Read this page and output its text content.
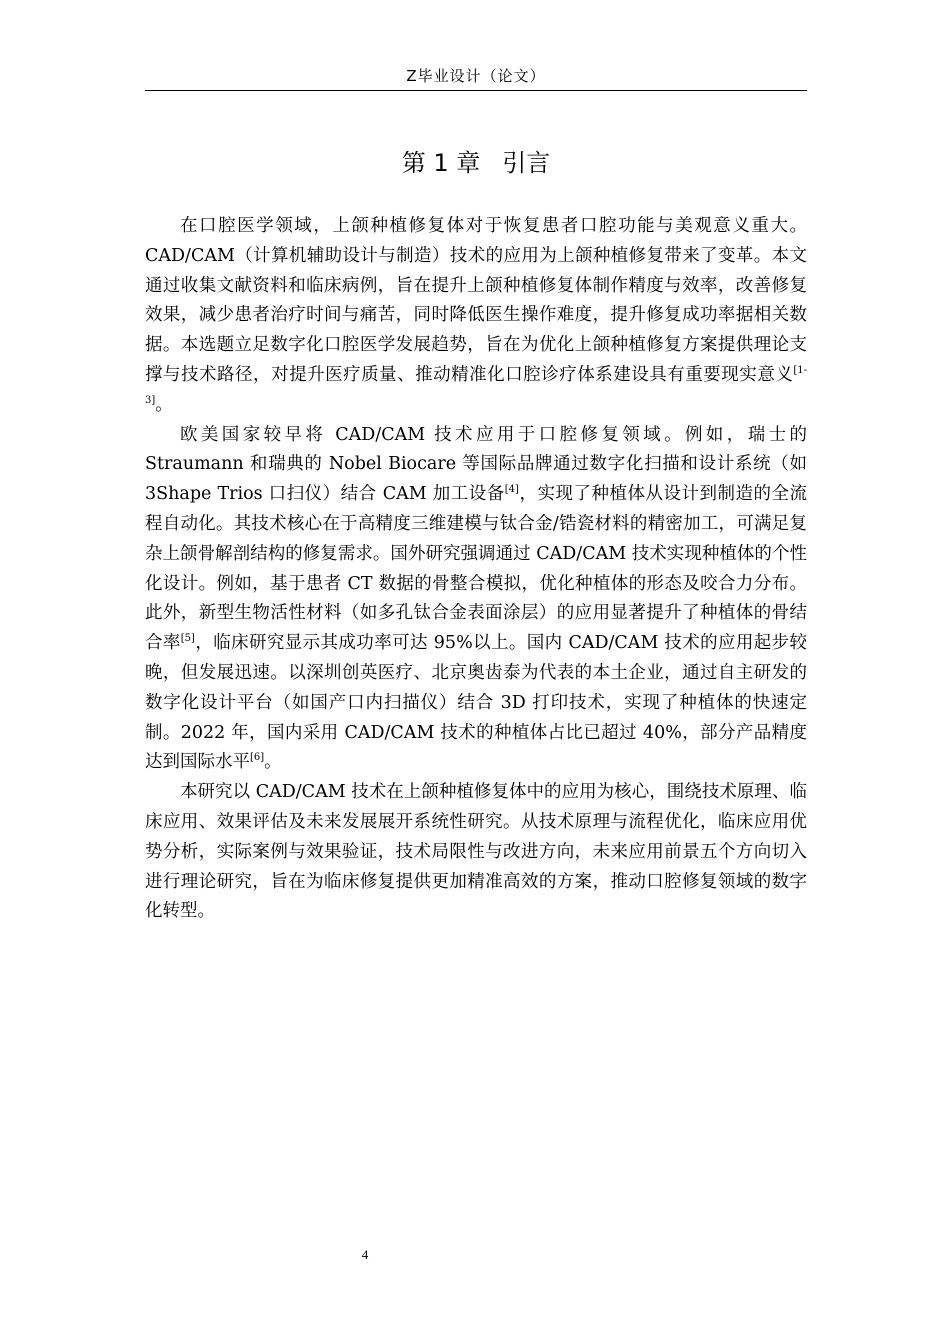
Z毕业设计（论文）
第 1 章 引言

在口腔医学领域，上颌种植修复体对于恢复患者口腔功能与美观意义重大。CAD/CAM（计算机辅助设计与制造）技术的应用为上颌种植修复带来了变革。本文通过收集文献资料和临床病例，旨在提升上颌种植修复体制作精度与效率，改善修复效果，减少患者治疗时间与痛苦，同时降低医生操作难度，提升修复成功率据相关数据。本选题立足数字化口腔医学发展趋势，旨在为优化上颌种植修复方案提供理论支撑与技术路径，对提升医疗质量、推动精准化口腔诊疗体系建设具有重要现实意义[1-3]。

欧美国家较早将 CAD/CAM 技术应用于口腔修复领域。例如，瑞士的 Straumann 和瑞典的 Nobel Biocare 等国际品牌通过数字化扫描和设计系统（如 3Shape Trios 口扫仪）结合 CAM 加工设备[4]，实现了种植体从设计到制造的全流程自动化。其技术核心在于高精度三维建模与钛合金/锆瓷材料的精密加工，可满足复杂上颌骨解剖结构的修复需求。国外研究强调通过 CAD/CAM 技术实现种植体的个性化设计。例如，基于患者 CT 数据的骨整合模拟，优化种植体的形态及咬合力分布。此外，新型生物活性材料（如多孔钛合金表面涂层）的应用显著提升了种植体的骨结合率[5]，临床研究显示其成功率可达 95%以上。国内 CAD/CAM 技术的应用起步较晚，但发展迅速。以深圳创英医疗、北京奥齿泰为代表的本土企业，通过自主研发的数字化设计平台（如国产口内扫描仪）结合 3D 打印技术，实现了种植体的快速定制。2022 年，国内采用 CAD/CAM 技术的种植体占比已超过 40%，部分产品精度达到国际水平[6]。

本研究以 CAD/CAM 技术在上颌种植修复体中的应用为核心，围绕技术原理、临床应用、效果评估及未来发展展开系统性研究。从技术原理与流程优化，临床应用优势分析，实际案例与效果验证，技术局限性与改进方向，未来应用前景五个方向切入进行理论研究，旨在为临床修复提供更加精准高效的方案，推动口腔修复领域的数字化转型。

4
